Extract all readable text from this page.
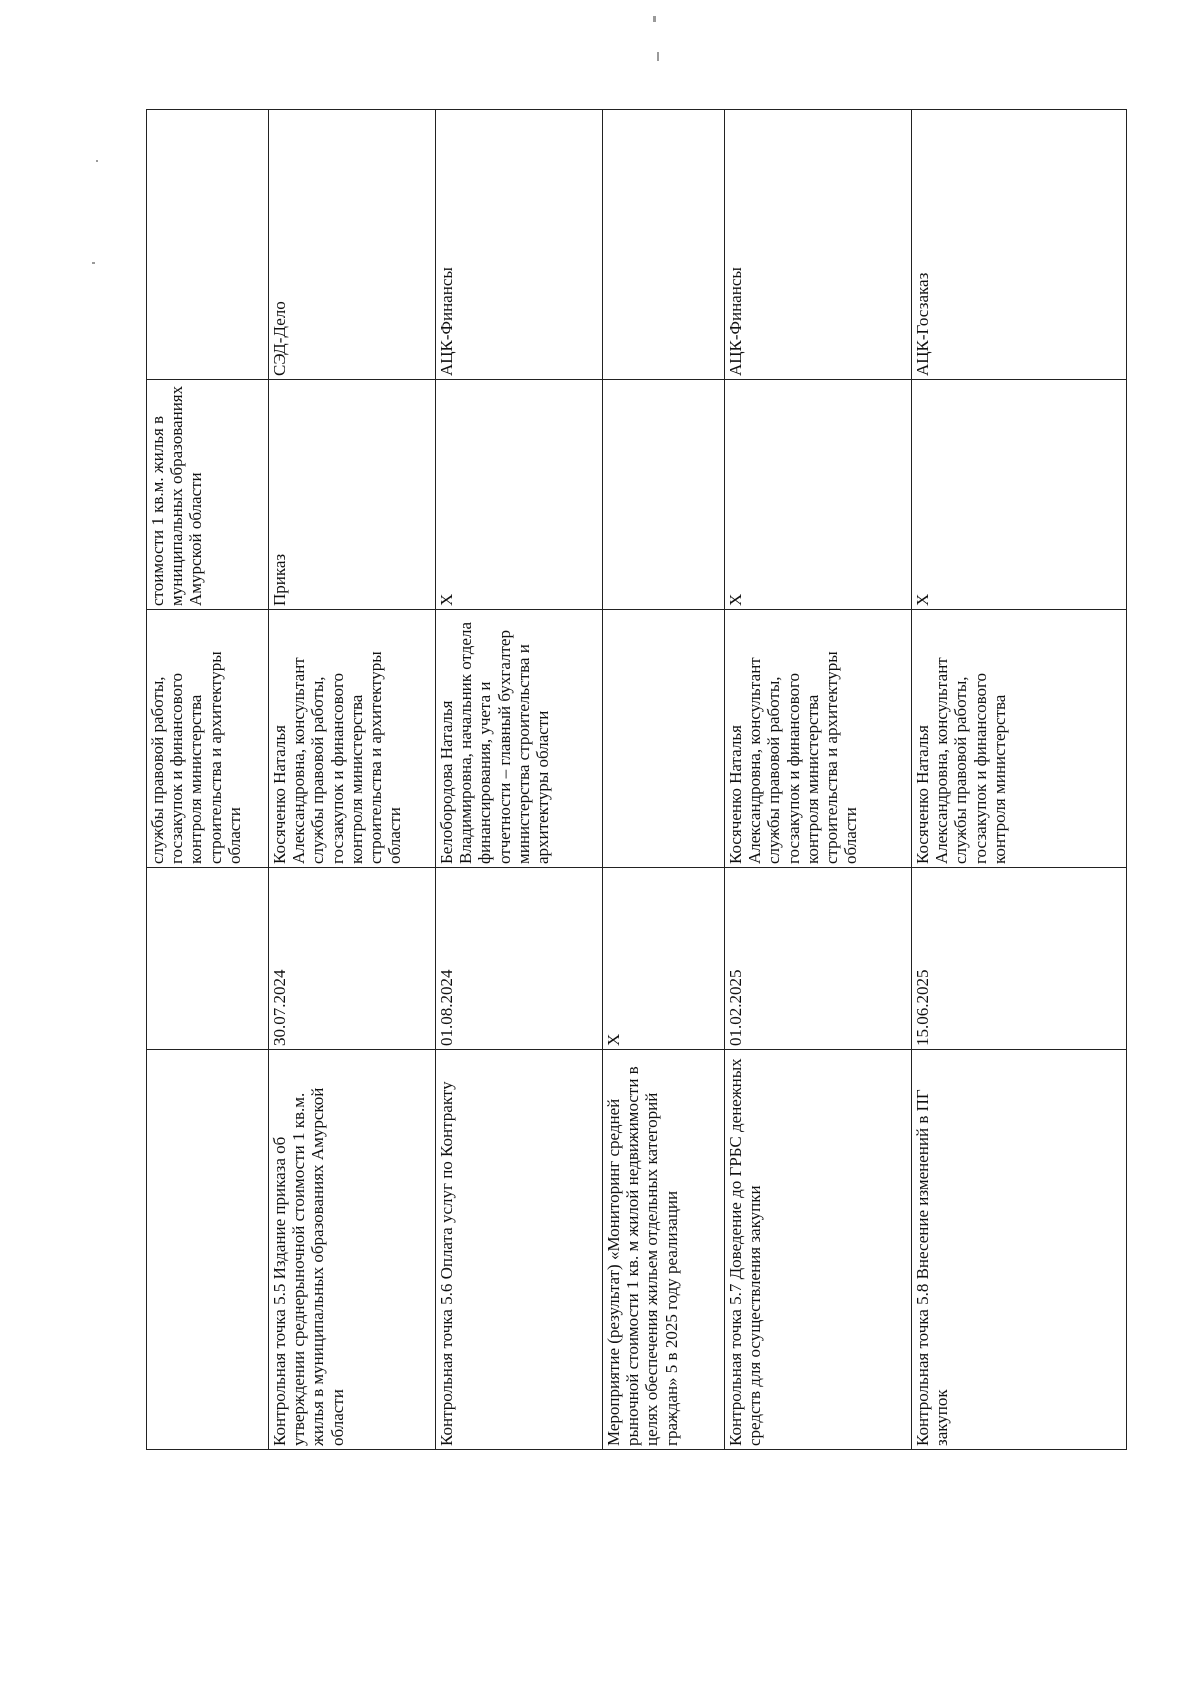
		службы правовой работы, госзакупок и финансового контроля министерства строительства и архитектуры области	стоимости 1 кв.м. жилья в муниципальных образованиях Амурской области	
Контрольная точка 5.5 Издание приказа об утверждении среднерыночной стоимости 1 кв.м. жилья в муниципальных образованиях Амурской области	30.07.2024	Косяченко Наталья Александровна, консультант службы правовой работы, госзакупок и финансового контроля министерства строительства и архитектуры области	Приказ	СЭД-Дело
Контрольная точка 5.6 Оплата услуг по Контракту	01.08.2024	Белобородова Наталья Владимировна, начальник отдела финансирования, учета и отчетности – главный бухгалтер министерства строительства и архитектуры области	Х	АЦК-Финансы
Мероприятие (результат) «Мониторинг средней рыночной стоимости 1 кв. м жилой недвижимости в целях обеспечения жильем отдельных категорий граждан» 5 в 2025 году реализации	Х			
Контрольная точка 5.7 Доведение до ГРБС денежных средств для осуществления закупки	01.02.2025	Косяченко Наталья Александровна, консультант службы правовой работы, госзакупок и финансового контроля министерства строительства и архитектуры области	Х	АЦК-Финансы
Контрольная точка 5.8 Внесение изменений в ПГ закупок	15.06.2025	Косяченко Наталья Александровна, консультант службы правовой работы, госзакупок и финансового контроля министерства	Х	АЦК-Госзаказ
